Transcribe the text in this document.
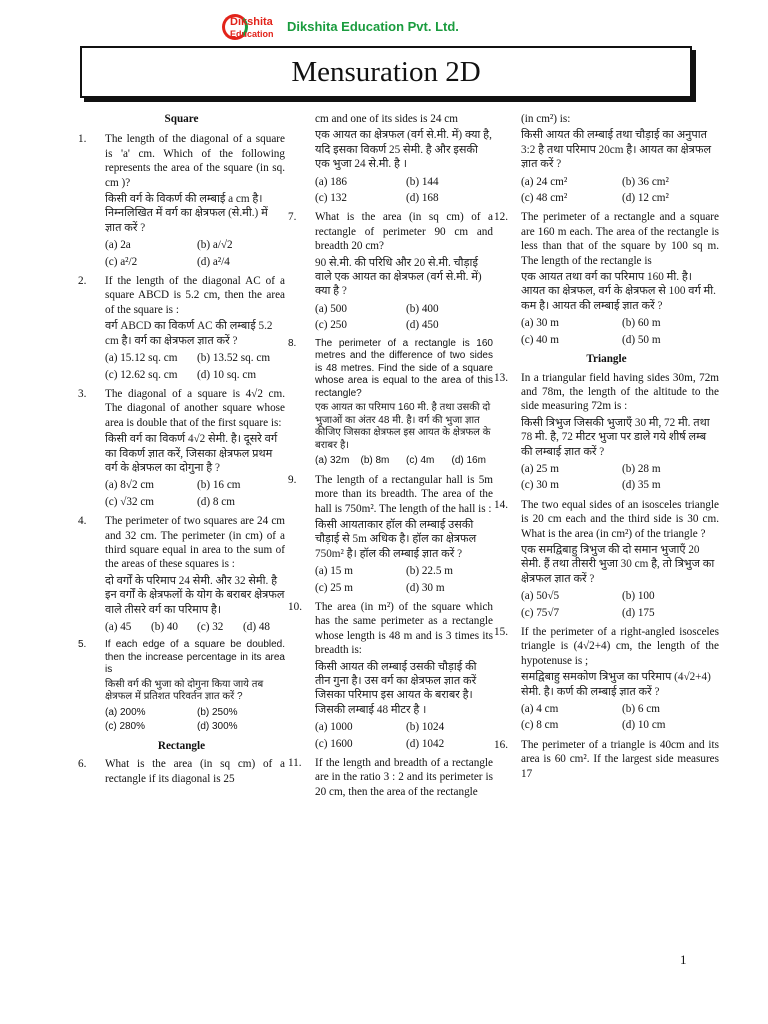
Dikshita
Education Dikshita Education Pvt. Ltd.
Mensuration 2D
Square
1. The length of the diagonal of a square is 'a' cm. Which of the following represents the area of the square (in sq. cm )?
किसी वर्ग के विकर्ण की लम्बाई a cm है। निम्नलिखित में वर्ग का क्षेत्रफल (से.मी.) में ज्ञात करें ?
(a) 2a	(b) a/√2
(c) a²/2	(d) a²/4
2. If the length of the diagonal AC of a square ABCD is 5.2 cm, then the area of the square is :
वर्ग ABCD का विकर्ण AC की लम्बाई 5.2 cm है। वर्ग का क्षेत्रफल ज्ञात करें ?
(a) 15.12 sq. cm	(b) 13.52 sq. cm
(c) 12.62 sq. cm	(d) 10 sq. cm
3. The diagonal of a square is 4√2 cm. The diagonal of another square whose area is double that of the first square is:
किसी वर्ग का विकर्ण 4√2 सेमी. है। दूसरे वर्ग का विकर्ण ज्ञात करें, जिसका क्षेत्रफल प्रथम वर्ग के क्षेत्रफल का दोगुना है ?
(a) 8√2 cm	(b) 16 cm
(c) √32 cm	(d) 8 cm
4. The perimeter of two squares are 24 cm and 32 cm. The perimeter (in cm) of a third square equal in area to the sum of the areas of these squares is :
दो वर्गों के परिमाप 24 सेमी. और 32 सेमी. है इन वर्गों के क्षेत्रफलों के योग के बराबर क्षेत्रफल वाले तीसरे वर्ग का परिमाप है।
(a) 45	(b) 40	(c) 32	(d) 48
5. If each edge of a square be doubled. then the increase percentage in its area is
किसी वर्ग की भुजा को दोगुना किया जाये तब क्षेत्रफल में प्रतिशत परिवर्तन ज्ञात करें ?
(a) 200%	(b) 250%
(c) 280%	(d) 300%
Rectangle
6. What is the area (in sq cm) of a rectangle if its diagonal is 25
cm and one of its sides is 24 cm
एक आयत का क्षेत्रफल (वर्ग से.मी. में) क्या है, यदि इसका विकर्ण 25 सेमी. है और इसकी एक भुजा 24 से.मी. है ।
(a) 186	(b) 144
(c) 132	(d) 168
7. What is the area (in sq cm) of a rectangle of perimeter 90 cm and breadth 20 cm?
90 से.मी. की परिधि और 20 से.मी. चौड़ाई वाले एक आयत का क्षेत्रफल (वर्ग से.मी. में) क्या है ?
(a) 500	(b) 400
(c) 250	(d) 450
8. The perimeter of a rectangle is 160 metres and the difference of two sides is 48 metres. Find the side of a square whose area is equal to the area of this rectangle?
एक आयत का परिमाप 160 मी. है तथा उसकी दो भुजाओं का अंतर 48 मी. है। वर्ग की भुजा ज्ञात कीजिए जिसका क्षेत्रफल इस आयत के क्षेत्रफल के बराबर है।
(a) 32m	(b) 8m	(c) 4m	(d) 16m
9. The length of a rectangular hall is 5m more than its breadth. The area of the hall is 750m². The length of the hall is :
किसी आयताकार हॉल की लम्बाई उसकी चौड़ाई से 5m अधिक है। हॉल का क्षेत्रफल 750m² है। हॉल की लम्बाई ज्ञात करें ?
(a) 15 m	(b) 22.5 m
(c) 25 m	(d) 30 m
10. The area (in m²) of the square which has the same perimeter as a rectangle whose length is 48 m and is 3 times its breadth is:
किसी आयत की लम्बाई उसकी चौड़ाई की तीन गुना है। उस वर्ग का क्षेत्रफल ज्ञात करें जिसका परिमाप इस आयत के बराबर है। जिसकी लम्बाई 48 मीटर है ।
(a) 1000	(b) 1024
(c) 1600	(d) 1042
11. If the length and breadth of a rectangle are in the ratio 3 : 2 and its perimeter is 20 cm, then the area of the rectangle
(in cm²) is:
किसी आयत की लम्बाई तथा चौड़ाई का अनुपात 3:2 है तथा परिमाप 20cm है। आयत का क्षेत्रफल ज्ञात करें ?
(a) 24 cm²	(b) 36 cm²
(c) 48 cm²	(d) 12 cm²
12. The perimeter of a rectangle and a square are 160 m each. The area of the rectangle is less than that of the square by 100 sq m. The length of the rectangle is
एक आयत तथा वर्ग का परिमाप 160 मी. है। आयत का क्षेत्रफल, वर्ग के क्षेत्रफल से 100 वर्ग मी. कम है। आयत की लम्बाई ज्ञात करें ?
(a) 30 m	(b) 60 m
(c) 40 m	(d) 50 m
Triangle
13. In a triangular field having sides 30m, 72m and 78m, the length of the altitude to the side measuring 72m is :
किसी त्रिभुज जिसकी भुजाएँ 30 मी, 72 मी. तथा 78 मी. है, 72 मीटर भुजा पर डाले गये शीर्ष लम्ब की लम्बाई ज्ञात करें ?
(a) 25 m	(b) 28 m
(c) 30 m	(d) 35 m
14. The two equal sides of an isosceles triangle is 20 cm each and the third side is 30 cm. What is the area (in cm²) of the triangle ?
एक समद्विबाहु त्रिभुज की दो समान भुजाएँ 20 सेमी. हैं तथा तीसरी भुजा 30 cm है, तो त्रिभुज का क्षेत्रफल ज्ञात करें ?
(a) 50√5	(b) 100
(c) 75√7	(d) 175
15. If the perimeter of a right-angled isosceles triangle is (4√2+4) cm, the length of the hypotenuse is ;
समद्विबाहु समकोण त्रिभुज का परिमाप (4√2+4) सेमी. है। कर्ण की लम्बाई ज्ञात करें ?
(a) 4 cm	(b) 6 cm
(c) 8 cm	(d) 10 cm
16. The perimeter of a triangle is 40cm and its area is 60 cm². If the largest side measures 17
1
